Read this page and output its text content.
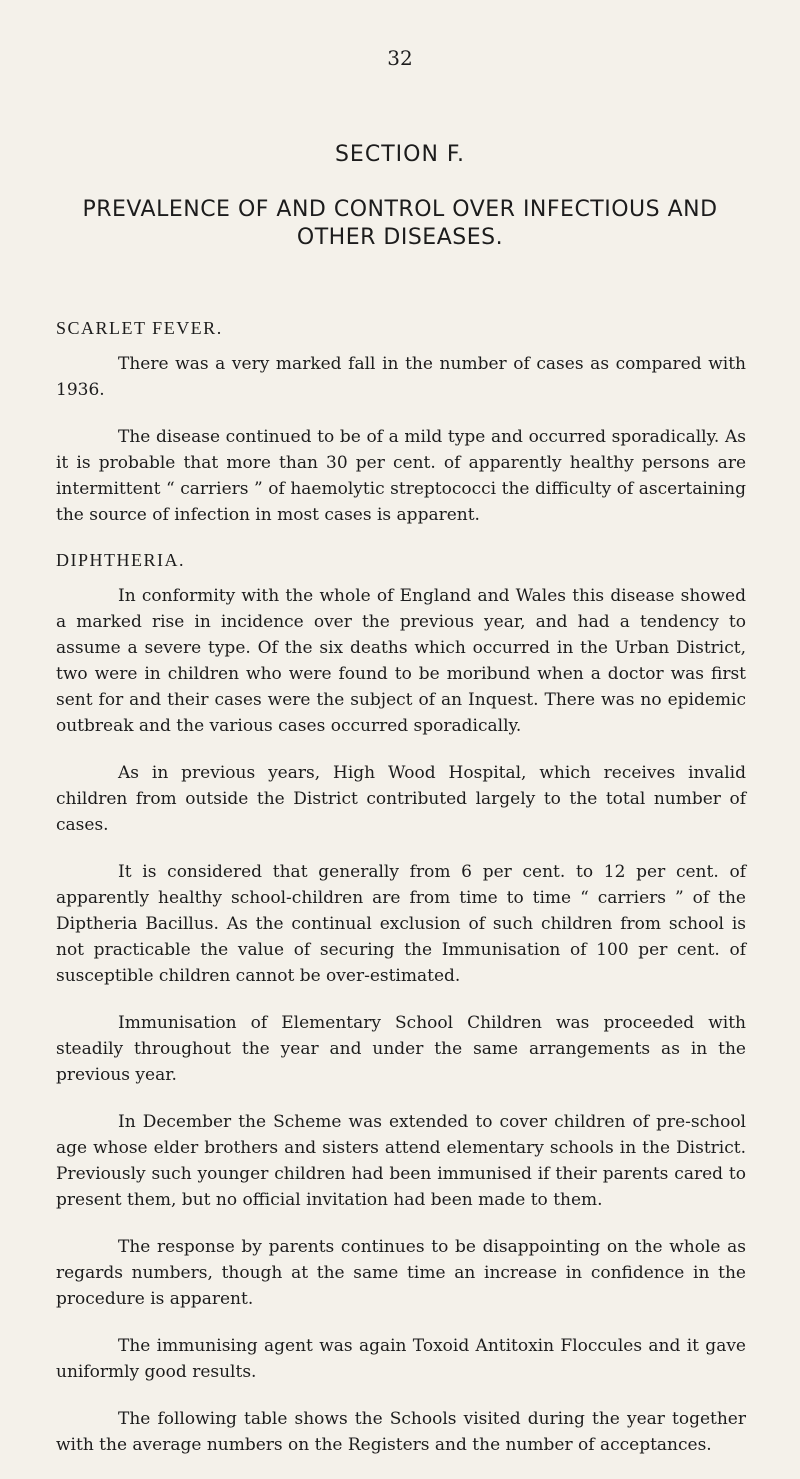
32
SECTION F.
PREVALENCE OF AND CONTROL OVER INFECTIOUS AND OTHER DISEASES.
SCARLET FEVER.

There was a very marked fall in the number of cases as compared with 1936.

The disease continued to be of a mild type and occurred sporadically. As it is probable that more than 30 per cent. of apparently healthy persons are intermittent “ carriers ” of haemolytic streptococci the difficulty of ascertaining the source of infection in most cases is apparent.

DIPHTHERIA.

In conformity with the whole of England and Wales this disease showed a marked rise in incidence over the previous year, and had a tendency to assume a severe type. Of the six deaths which occurred in the Urban District, two were in children who were found to be moribund when a doctor was first sent for and their cases were the subject of an Inquest. There was no epidemic outbreak and the various cases occurred sporadically.

As in previous years, High Wood Hospital, which receives invalid children from outside the District contributed largely to the total number of cases.

It is considered that generally from 6 per cent. to 12 per cent. of apparently healthy school-children are from time to time “ carriers ” of the Diptheria Bacillus. As the continual exclusion of such children from school is not practicable the value of securing the Immunisation of 100 per cent. of susceptible children cannot be over-estimated.

Immunisation of Elementary School Children was proceeded with steadily throughout the year and under the same arrangements as in the previous year.

In December the Scheme was extended to cover children of pre-school age whose elder brothers and sisters attend elementary schools in the District. Previously such younger children had been immunised if their parents cared to present them, but no official invitation had been made to them.

The response by parents continues to be disappointing on the whole as regards numbers, though at the same time an increase in confidence in the procedure is apparent.

The immunising agent was again Toxoid Antitoxin Floccules and it gave uniformly good results.

The following table shows the Schools visited during the year together with the average numbers on the Registers and the number of acceptances.
